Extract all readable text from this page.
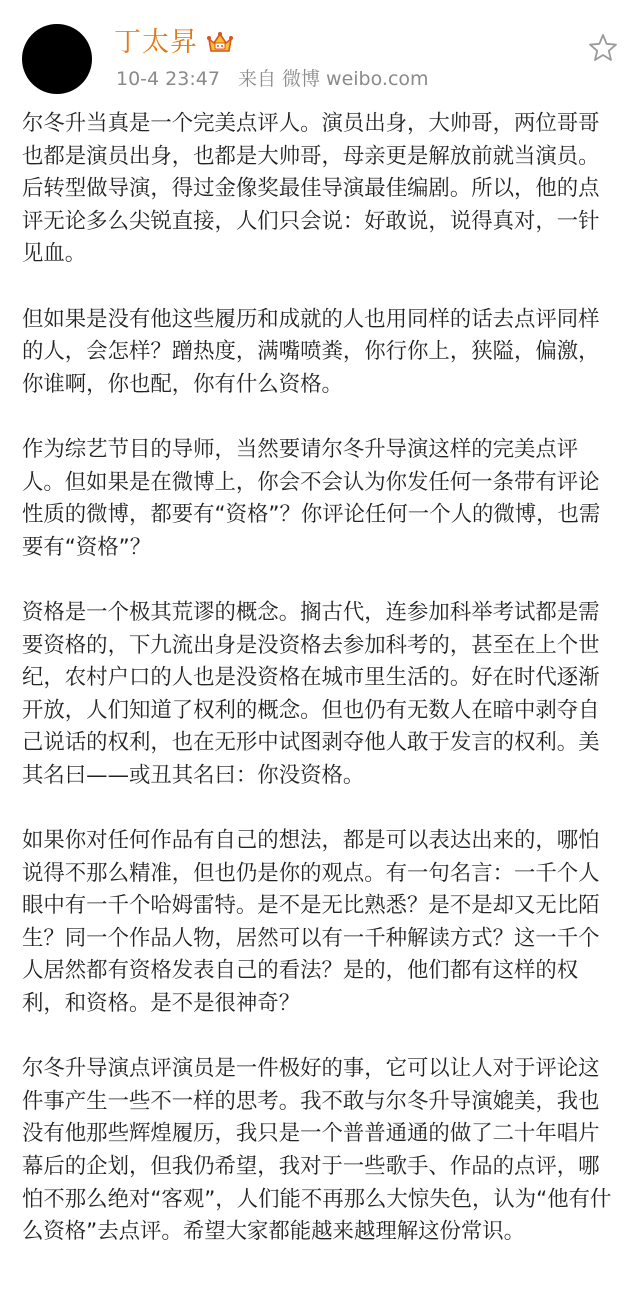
丁太昇
10-4 23:47 来自 微博 weibo.com

尔冬升当真是一个完美点评人。演员出身，大帅哥，两位哥哥也都是演员出身，也都是大帅哥，母亲更是解放前就当演员。后转型做导演，得过金像奖最佳导演最佳编剧。所以，他的点评无论多么尖锐直接，人们只会说：好敢说，说得真对，一针见血。

但如果是没有他这些履历和成就的人也用同样的话去点评同样的人，会怎样？蹭热度，满嘴喷粪，你行你上，狭隘，偏激，你谁啊，你也配，你有什么资格。

作为综艺节目的导师，当然要请尔冬升导演这样的完美点评人。但如果是在微博上，你会不会认为你发任何一条带有评论性质的微博，都要有“资格”？你评论任何一个人的微博，也需要有“资格”？

资格是一个极其荒谬的概念。搁古代，连参加科举考试都是需要资格的，下九流出身是没资格去参加科考的，甚至在上个世纪，农村户口的人也是没资格在城市里生活的。好在时代逐渐开放，人们知道了权利的概念。但也仍有无数人在暗中剥夺自己说话的权利，也在无形中试图剥夺他人敢于发言的权利。美其名曰——或丑其名曰：你没资格。

如果你对任何作品有自己的想法，都是可以表达出来的，哪怕说得不那么精准，但也仍是你的观点。有一句名言：一千个人眼中有一千个哈姆雷特。是不是无比熟悉？是不是却又无比陌生？同一个作品人物，居然可以有一千种解读方式？这一千个人居然都有资格发表自己的看法？是的，他们都有这样的权利，和资格。是不是很神奇？

尔冬升导演点评演员是一件极好的事，它可以让人对于评论这件事产生一些不一样的思考。我不敢与尔冬升导演媲美，我也没有他那些辉煌履历，我只是一个普普通通的做了二十年唱片幕后的企划，但我仍希望，我对于一些歌手、作品的点评，哪怕不那么绝对“客观”，人们能不再那么大惊失色，认为“他有什么资格”去点评。希望大家都能越来越理解这份常识。
